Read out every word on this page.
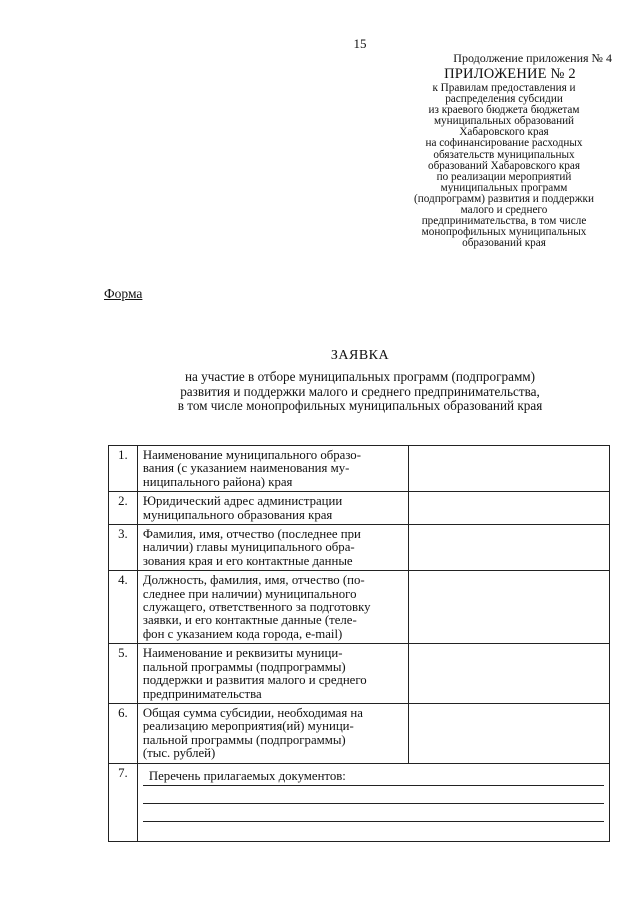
15
Продолжение приложения № 4
ПРИЛОЖЕНИЕ № 2
к Правилам предоставления и
распределения субсидии
из краевого бюджета бюджетам
муниципальных образований
Хабаровского края
на софинансирование расходных
обязательств муниципальных
образований Хабаровского края
по реализации мероприятий
муниципальных программ
(подпрограмм) развития и поддержки
малого и среднего
предпринимательства, в том числе
монопрофильных муниципальных
образований края
Форма
ЗАЯВКА
на участие в отборе муниципальных программ (подпрограмм)
развития и поддержки малого и среднего предпринимательства,
в том числе монопрофильных муниципальных образований края
1.	Наименование муниципального образо-
вания (с указанием наименования му-
ниципального района) края	

2.	Юридический адрес администрации
муниципального образования края	

3.	Фамилия, имя, отчество (последнее при
наличии) главы муниципального обра-
зования края и его контактные данные	

4.	Должность, фамилия, имя, отчество (по-
следнее при наличии) муниципального
служащего, ответственного за подготовку
заявки, и его контактные данные (теле-
фон с указанием кода города, e-mail)	

5.	Наименование и реквизиты муници-
пальной программы (подпрограммы)
поддержки и развития малого и среднего
предпринимательства	

6.	Общая сумма субсидии, необходимая на
реализацию мероприятия(ий) муници-
пальной программы (подпрограммы)
(тыс. рублей)	

7.	Перечень прилагаемых документов:	
